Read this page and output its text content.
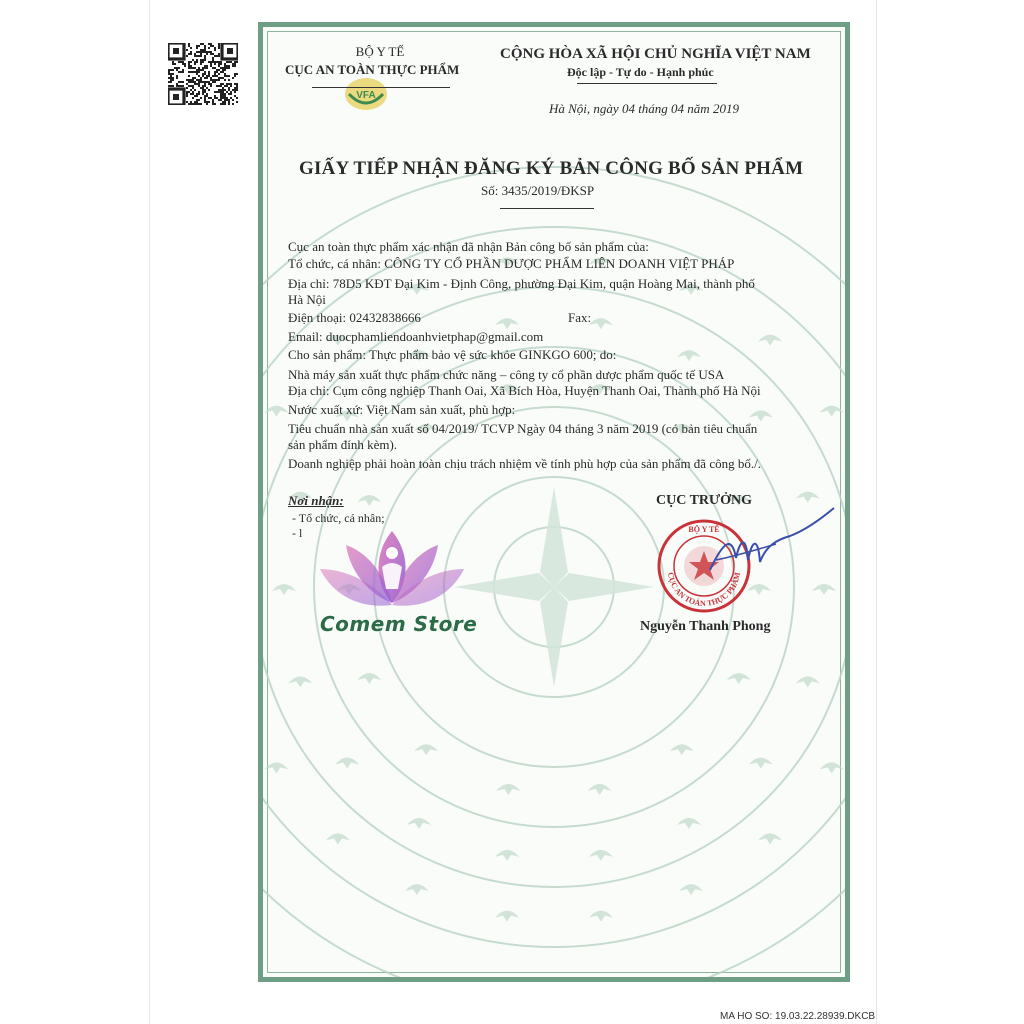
BỘ Y TẾ
CỤC AN TOÀN THỰC PHẨM
VFA
CỘNG HÒA XÃ HỘI CHỦ NGHĨA VIỆT NAM
Độc lập - Tự do - Hạnh phúc
Hà Nội, ngày 04 tháng 04 năm 2019
GIẤY TIẾP NHẬN ĐĂNG KÝ BẢN CÔNG BỐ SẢN PHẨM
Số: 3435/2019/ĐKSP
Cục an toàn thực phẩm xác nhận đã nhận Bản công bố sản phẩm của:
Tổ chức, cá nhân: CÔNG TY CỔ PHẦN DƯỢC PHẨM LIÊN DOANH VIỆT PHÁP
Địa chỉ: 78D5 KĐT Đại Kim - Định Công, phường Đại Kim, quận Hoàng Mai, thành phố
Hà Nội
Điện thoại: 02432838666	Fax:
Email: duocphamliendoanhvietphap@gmail.com
Cho sản phẩm: Thực phẩm bảo vệ sức khỏe GINKGO 600; do:
Nhà máy sản xuất thực phẩm chức năng – công ty cổ phần dược phẩm quốc tế USA
Địa chỉ: Cụm công nghiệp Thanh Oai, Xã Bích Hòa, Huyện Thanh Oai, Thành phố Hà Nội
Nước xuất xứ: Việt Nam sản xuất, phù hợp:
Tiêu chuẩn nhà sản xuất số 04/2019/ TCVP Ngày 04 tháng 3 năm 2019 (có bản tiêu chuẩn
sản phẩm đính kèm).
Doanh nghiệp phải hoàn toàn chịu trách nhiệm về tính phù hợp của sản phẩm đã công bố./.
Nơi nhận:
- Tổ chức, cá nhân;
- l
Comem Store
CỤC TRƯỞNG
BỘ Y TẾ
CỤC AN TOÀN THỰC PHẨM
Nguyễn Thanh Phong
MA HO SO: 19.03.22.28939.DKCB
